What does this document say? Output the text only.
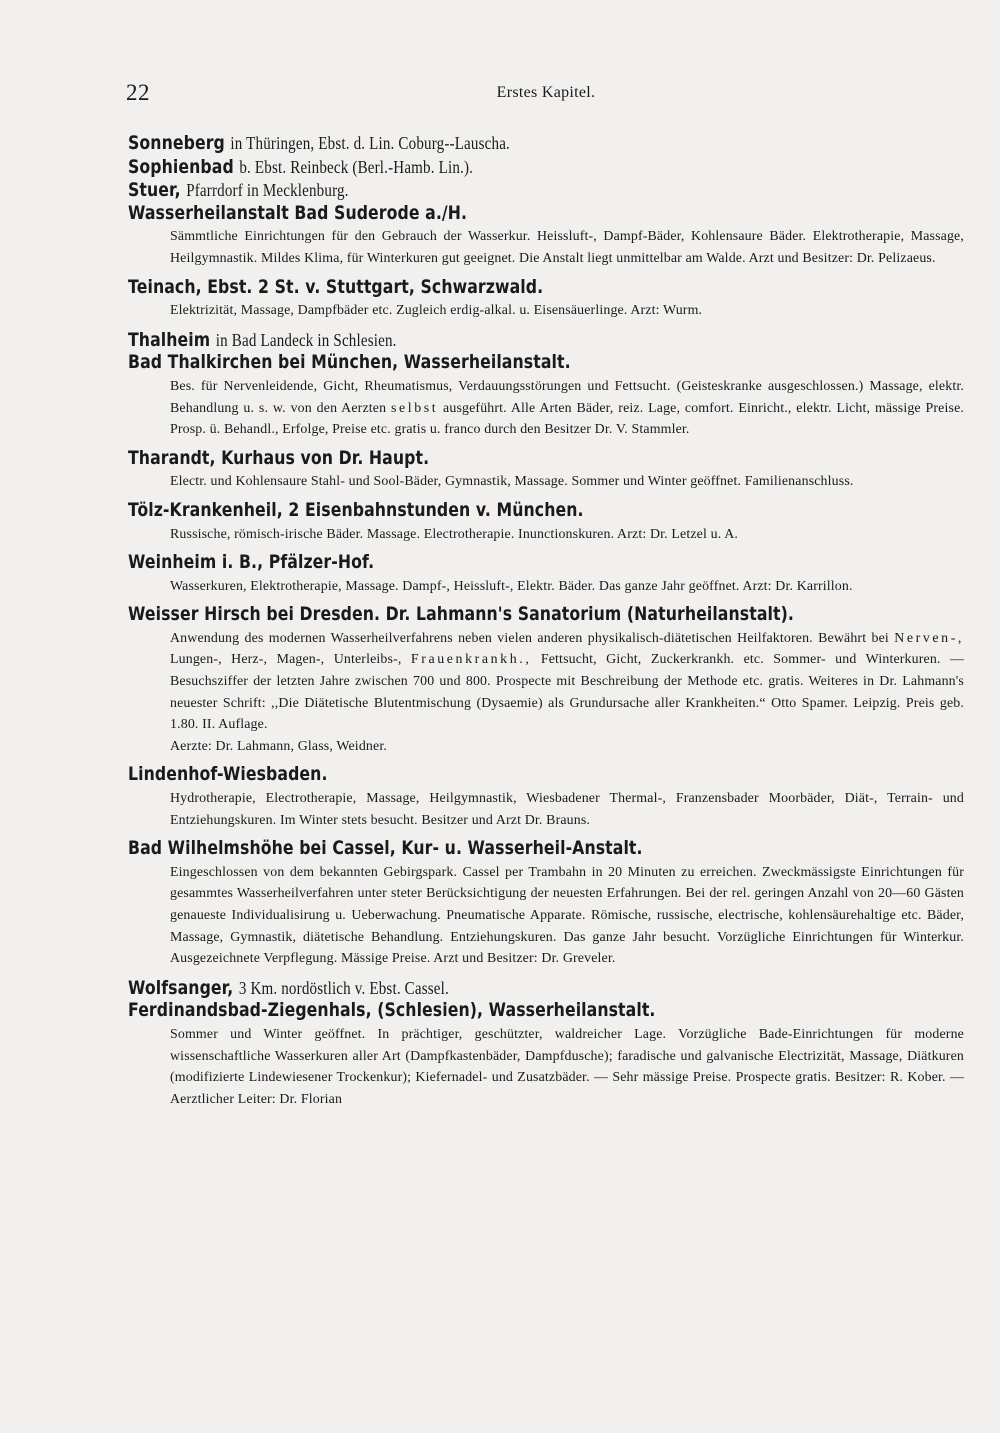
22	Erstes Kapitel.
Sonneberg in Thüringen, Ebst. d. Lin. Coburg--Lauscha.
Sophienbad b. Ebst. Reinbeck (Berl.-Hamb. Lin.).
Stuer, Pfarrdorf in Mecklenburg.
Wasserheilanstalt Bad Suderode a./H.
Sämmtliche Einrichtungen für den Gebrauch der Wasserkur. Heissluft-, Dampf-Bäder, Kohlensaure Bäder. Elektrotherapie, Massage, Heilgymnastik. Mildes Klima, für Winterkuren gut geeignet. Die Anstalt liegt unmittelbar am Walde. Arzt und Besitzer: Dr. Pelizaeus.
Teinach, Ebst. 2 St. v. Stuttgart, Schwarzwald.
Elektrizität, Massage, Dampfbäder etc. Zugleich erdig-alkal. u. Eisensäuerlinge. Arzt: Wurm.
Thalheim in Bad Landeck in Schlesien.
Bad Thalkirchen bei München, Wasserheilanstalt.
Bes. für Nervenleidende, Gicht, Rheumatismus, Verdauungsstörungen und Fettsucht. (Geisteskranke ausgeschlossen.) Massage, elektr. Behandlung u. s. w. von den Aerzten selbst ausgeführt. Alle Arten Bäder, reiz. Lage, comfort. Einricht., elektr. Licht, mässige Preise. Prosp. ü. Behandl., Erfolge, Preise etc. gratis u. franco durch den Besitzer Dr. V. Stammler.
Tharandt, Kurhaus von Dr. Haupt.
Electr. und Kohlensaure Stahl- und Sool-Bäder, Gymnastik, Massage. Sommer und Winter geöffnet. Familienanschluss.
Tölz-Krankenheil, 2 Eisenbahnstunden v. München.
Russische, römisch-irische Bäder. Massage. Electrotherapie. Inunctionskuren. Arzt: Dr. Letzel u. A.
Weinheim i. B., Pfälzer-Hof.
Wasserkuren, Elektrotherapie, Massage. Dampf-, Heissluft-, Elektr. Bäder. Das ganze Jahr geöffnet. Arzt: Dr. Karrillon.
Weisser Hirsch bei Dresden. Dr. Lahmann's Sanatorium (Naturheilanstalt).
Anwendung des modernen Wasserheilverfahrens neben vielen anderen physikalisch-diätetischen Heilfaktoren. Bewährt bei Nerven-, Lungen-, Herz-, Magen-, Unterleibs-, Frauenkrankh., Fettsucht, Gicht, Zuckerkrankh. etc. Sommer- und Winterkuren. — Besuchsziffer der letzten Jahre zwischen 700 und 800. Prospecte mit Beschreibung der Methode etc. gratis. Weiteres in Dr. Lahmann's neuester Schrift: ,,Die Diätetische Blutentmischung (Dysaemie) als Grundursache aller Krankheiten.“ Otto Spamer. Leipzig. Preis geb. 1.80. II. Auflage.
Aerzte: Dr. Lahmann, Glass, Weidner.
Lindenhof-Wiesbaden.
Hydrotherapie, Electrotherapie, Massage, Heilgymnastik, Wiesbadener Thermal-, Franzensbader Moorbäder, Diät-, Terrain- und Entziehungskuren. Im Winter stets besucht. Besitzer und Arzt Dr. Brauns.
Bad Wilhelmshöhe bei Cassel, Kur- u. Wasserheil-Anstalt.
Eingeschlossen von dem bekannten Gebirgspark. Cassel per Trambahn in 20 Minuten zu erreichen. Zweckmässigste Einrichtungen für gesammtes Wasserheilverfahren unter steter Berücksichtigung der neuesten Erfahrungen. Bei der rel. geringen Anzahl von 20—60 Gästen genaueste Individualisirung u. Ueberwachung. Pneumatische Apparate. Römische, russische, electrische, kohlensäurehaltige etc. Bäder, Massage, Gymnastik, diätetische Behandlung. Entziehungskuren. Das ganze Jahr besucht. Vorzügliche Einrichtungen für Winterkur. Ausgezeichnete Verpflegung. Mässige Preise. Arzt und Besitzer: Dr. Greveler.
Wolfsanger, 3 Km. nordöstlich v. Ebst. Cassel.
Ferdinandsbad-Ziegenhals, (Schlesien), Wasserheilanstalt.
Sommer und Winter geöffnet. In prächtiger, geschützter, waldreicher Lage. Vorzügliche Bade-Einrichtungen für moderne wissenschaftliche Wasserkuren aller Art (Dampfkastenbäder, Dampfdusche); faradische und galvanische Electrizität, Massage, Diätkuren (modifizierte Lindewiesener Trockenkur); Kiefernadel- und Zusatzbäder. — Sehr mässige Preise. Prospecte gratis. Besitzer: R. Kober. — Aerztlicher Leiter: Dr. Florian
